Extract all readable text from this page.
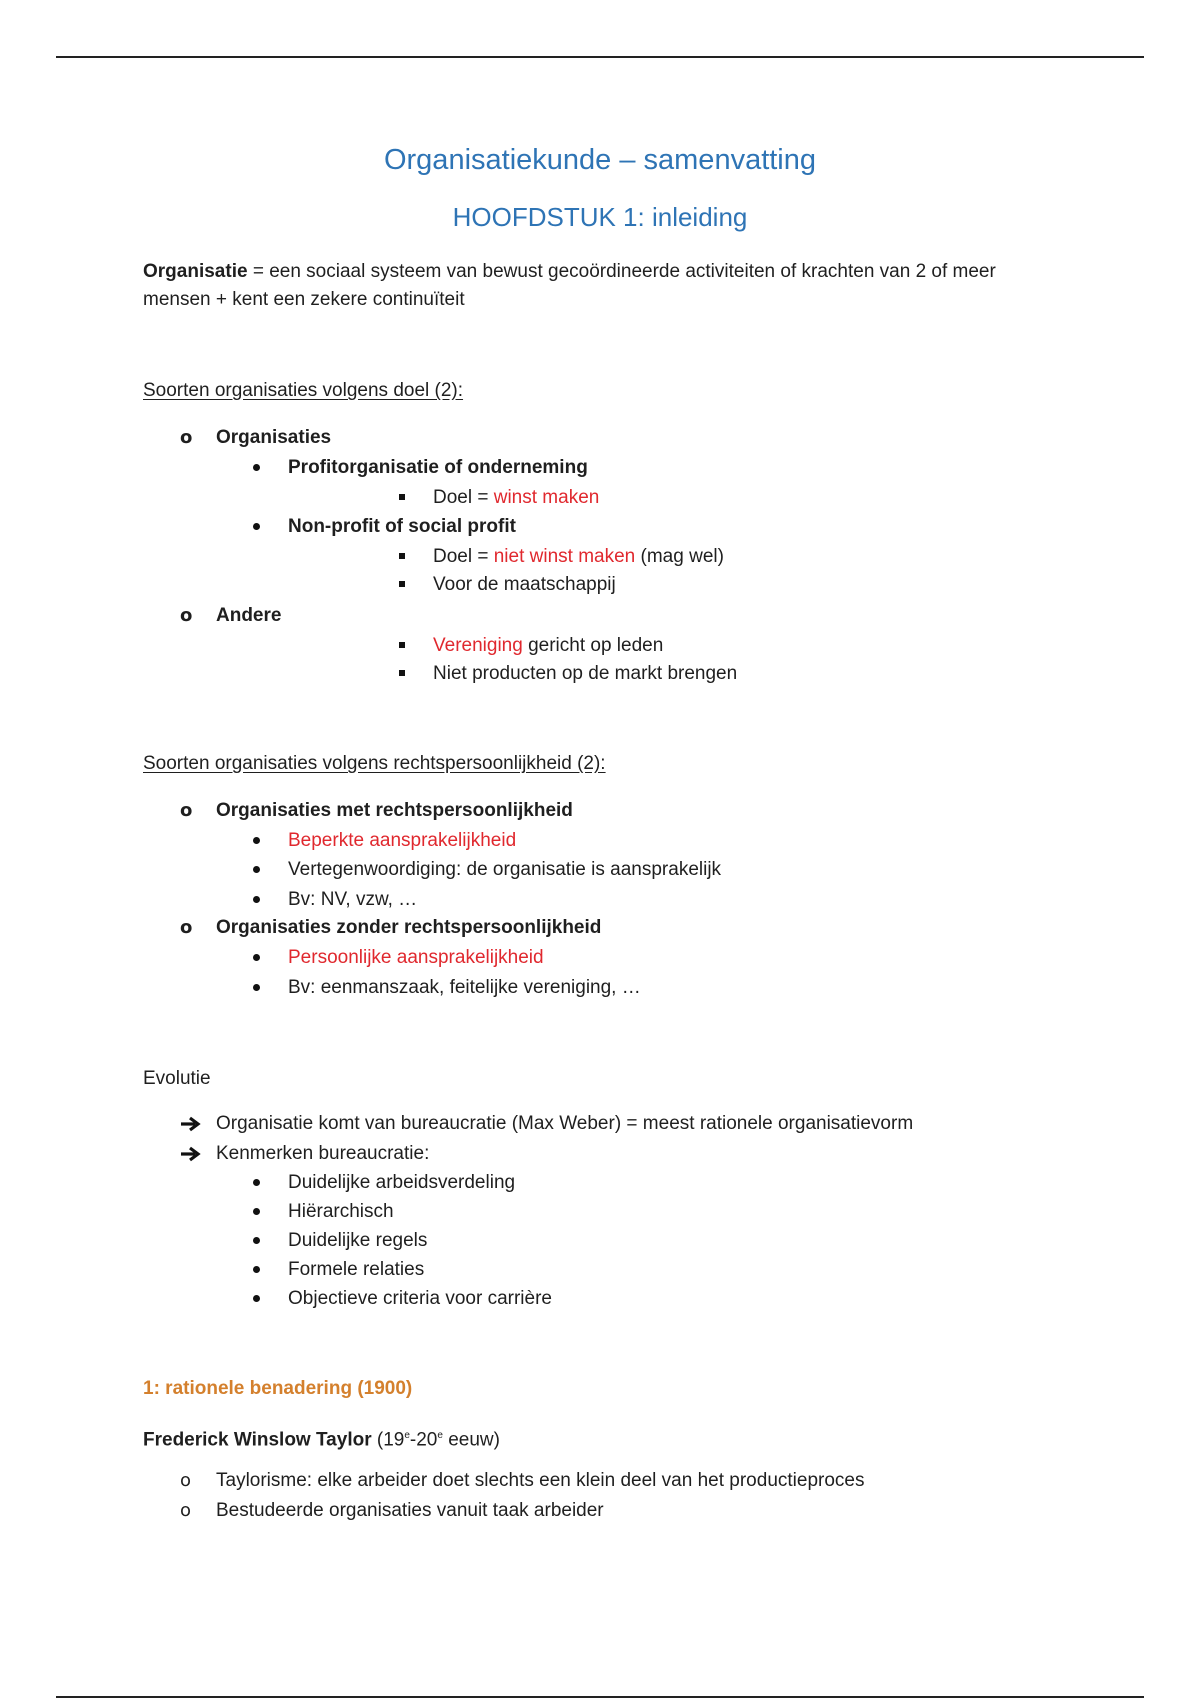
Organisatiekunde – samenvatting
HOOFDSTUK 1: inleiding
Organisatie = een sociaal systeem van bewust gecoördineerde activiteiten of krachten van 2 of meer
mensen + kent een zekere continuïteit
Soorten organisaties volgens doel (2):
o Organisaties
Profitorganisatie of onderneming
Doel = winst maken
Non-profit of social profit
Doel = niet winst maken (mag wel)
Voor de maatschappij
o Andere
Vereniging gericht op leden
Niet producten op de markt brengen
Soorten organisaties volgens rechtspersoonlijkheid (2):
o Organisaties met rechtspersoonlijkheid
Beperkte aansprakelijkheid
Vertegenwoordiging: de organisatie is aansprakelijk
Bv: NV, vzw, …
o Organisaties zonder rechtspersoonlijkheid
Persoonlijke aansprakelijkheid
Bv: eenmanszaak, feitelijke vereniging, …
Evolutie
Organisatie komt van bureaucratie (Max Weber) = meest rationele organisatievorm
Kenmerken bureaucratie:
Duidelijke arbeidsverdeling
Hiërarchisch
Duidelijke regels
Formele relaties
Objectieve criteria voor carrière
1: rationele benadering (1900)
Frederick Winslow Taylor (19e-20e eeuw)
o Taylorisme: elke arbeider doet slechts een klein deel van het productieproces
o Bestudeerde organisaties vanuit taak arbeider
